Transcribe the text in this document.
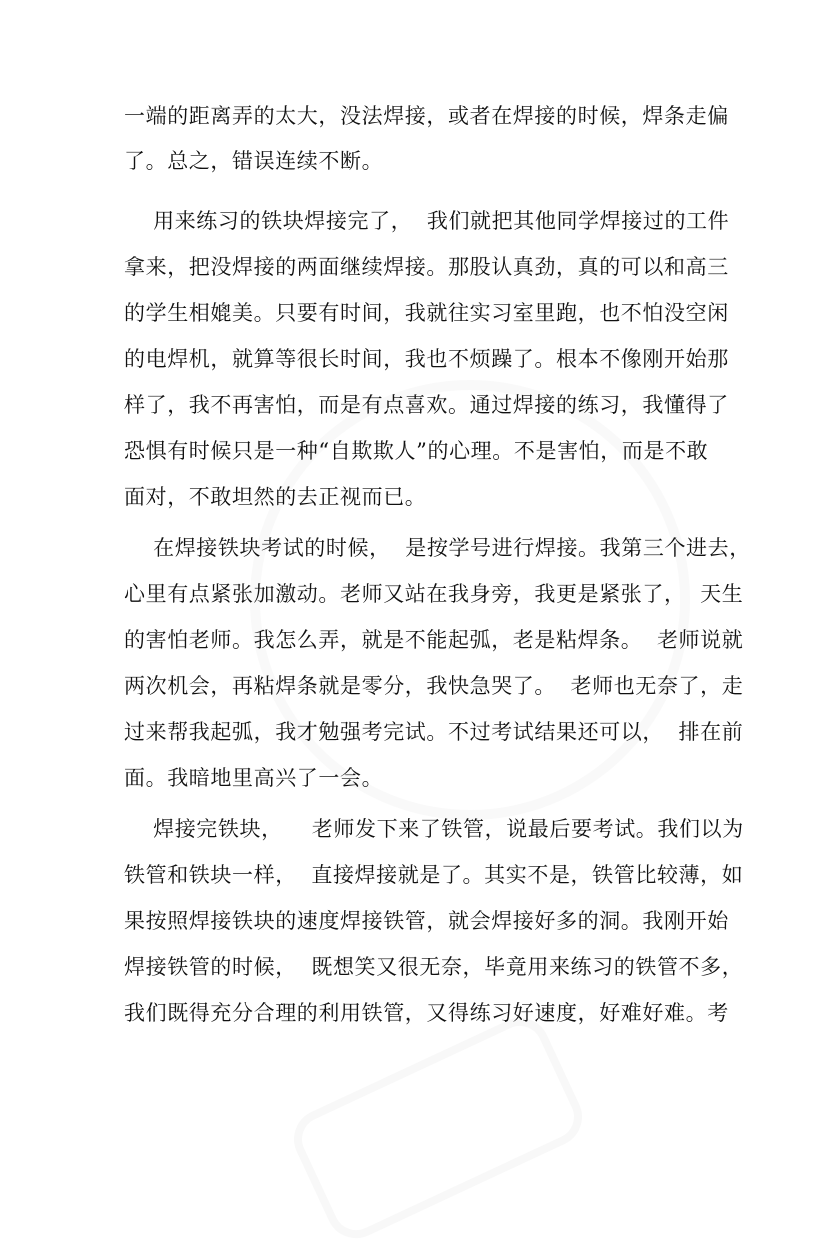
一端的距离弄的太大，没法焊接，或者在焊接的时候，焊条走偏
了。总之，错误连续不断。
用来练习的铁块焊接完了，  我们就把其他同学焊接过的工件
拿来，把没焊接的两面继续焊接。那股认真劲，真的可以和高三
的学生相媲美。只要有时间，我就往实习室里跑，也不怕没空闲
的电焊机，就算等很长时间，我也不烦躁了。根本不像刚开始那
样了，我不再害怕，而是有点喜欢。通过焊接的练习，我懂得了
恐惧有时候只是一种“自欺欺人”的心理。不是害怕，而是不敢
面对，不敢坦然的去正视而已。
在焊接铁块考试的时候，  是按学号进行焊接。我第三个进去，
心里有点紧张加激动。老师又站在我身旁，我更是紧张了，  天生
的害怕老师。我怎么弄，就是不能起弧，老是粘焊条。  老师说就
两次机会，再粘焊条就是零分，我快急哭了。  老师也无奈了，走
过来帮我起弧，我才勉强考完试。不过考试结果还可以，  排在前
面。我暗地里高兴了一会。
焊接完铁块，    老师发下来了铁管，说最后要考试。我们以为
铁管和铁块一样，  直接焊接就是了。其实不是，铁管比较薄，如
果按照焊接铁块的速度焊接铁管，就会焊接好多的洞。我刚开始
焊接铁管的时候，  既想笑又很无奈，毕竟用来练习的铁管不多，
我们既得充分合理的利用铁管，又得练习好速度，好难好难。考
